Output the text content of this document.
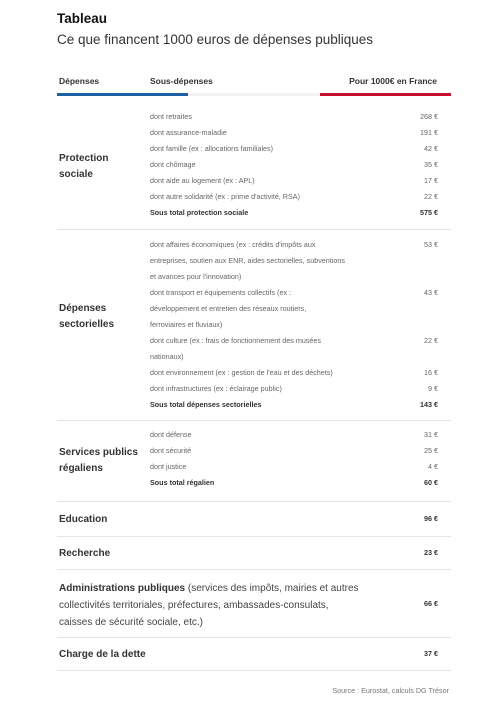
Tableau
Ce que financent 1000 euros de dépenses publiques
Dépenses	Sous-dépenses	Pour 1000€ en France
Protection sociale
dont retraites	268 €
dont assurance-maladie	191 €
dont famille (ex : allocations familiales)	42 €
dont chômage	35 €
dont aide au logement (ex : APL)	17 €
dont autre solidarité (ex : prime d'activité, RSA)	22 €
Sous total protection sociale	575 €
Dépenses sectorielles
dont affaires économiques (ex : crédits d'impôts aux	53 €
entreprises, soutien aux ENR, aides sectorielles, subventions
et avances pour l'innovation)
dont transport et équipements collectifs (ex :	43 €
développement et entretien des réseaux routiers,
ferroviaires et fluviaux)
dont culture (ex : frais de fonctionnement des musées	22 €
nationaux)
dont environnement (ex : gestion de l'eau et des déchets)	16 €
dont infrastructures (ex : éclairage public)	9 €
Sous total dépenses sectorielles	143 €
Services publics régaliens
dont défense	31 €
dont sécurité	25 €
dont justice	4 €
Sous total régalien	60 €
Education	96 €
Recherche	23 €
Administrations publiques (services des impôts, mairies et autres
collectivités territoriales, préfectures, ambassades-consulats,
caisses de sécurité sociale, etc.)
66 €
Charge de la dette	37 €
Source : Eurostat, calculs DG Trésor
